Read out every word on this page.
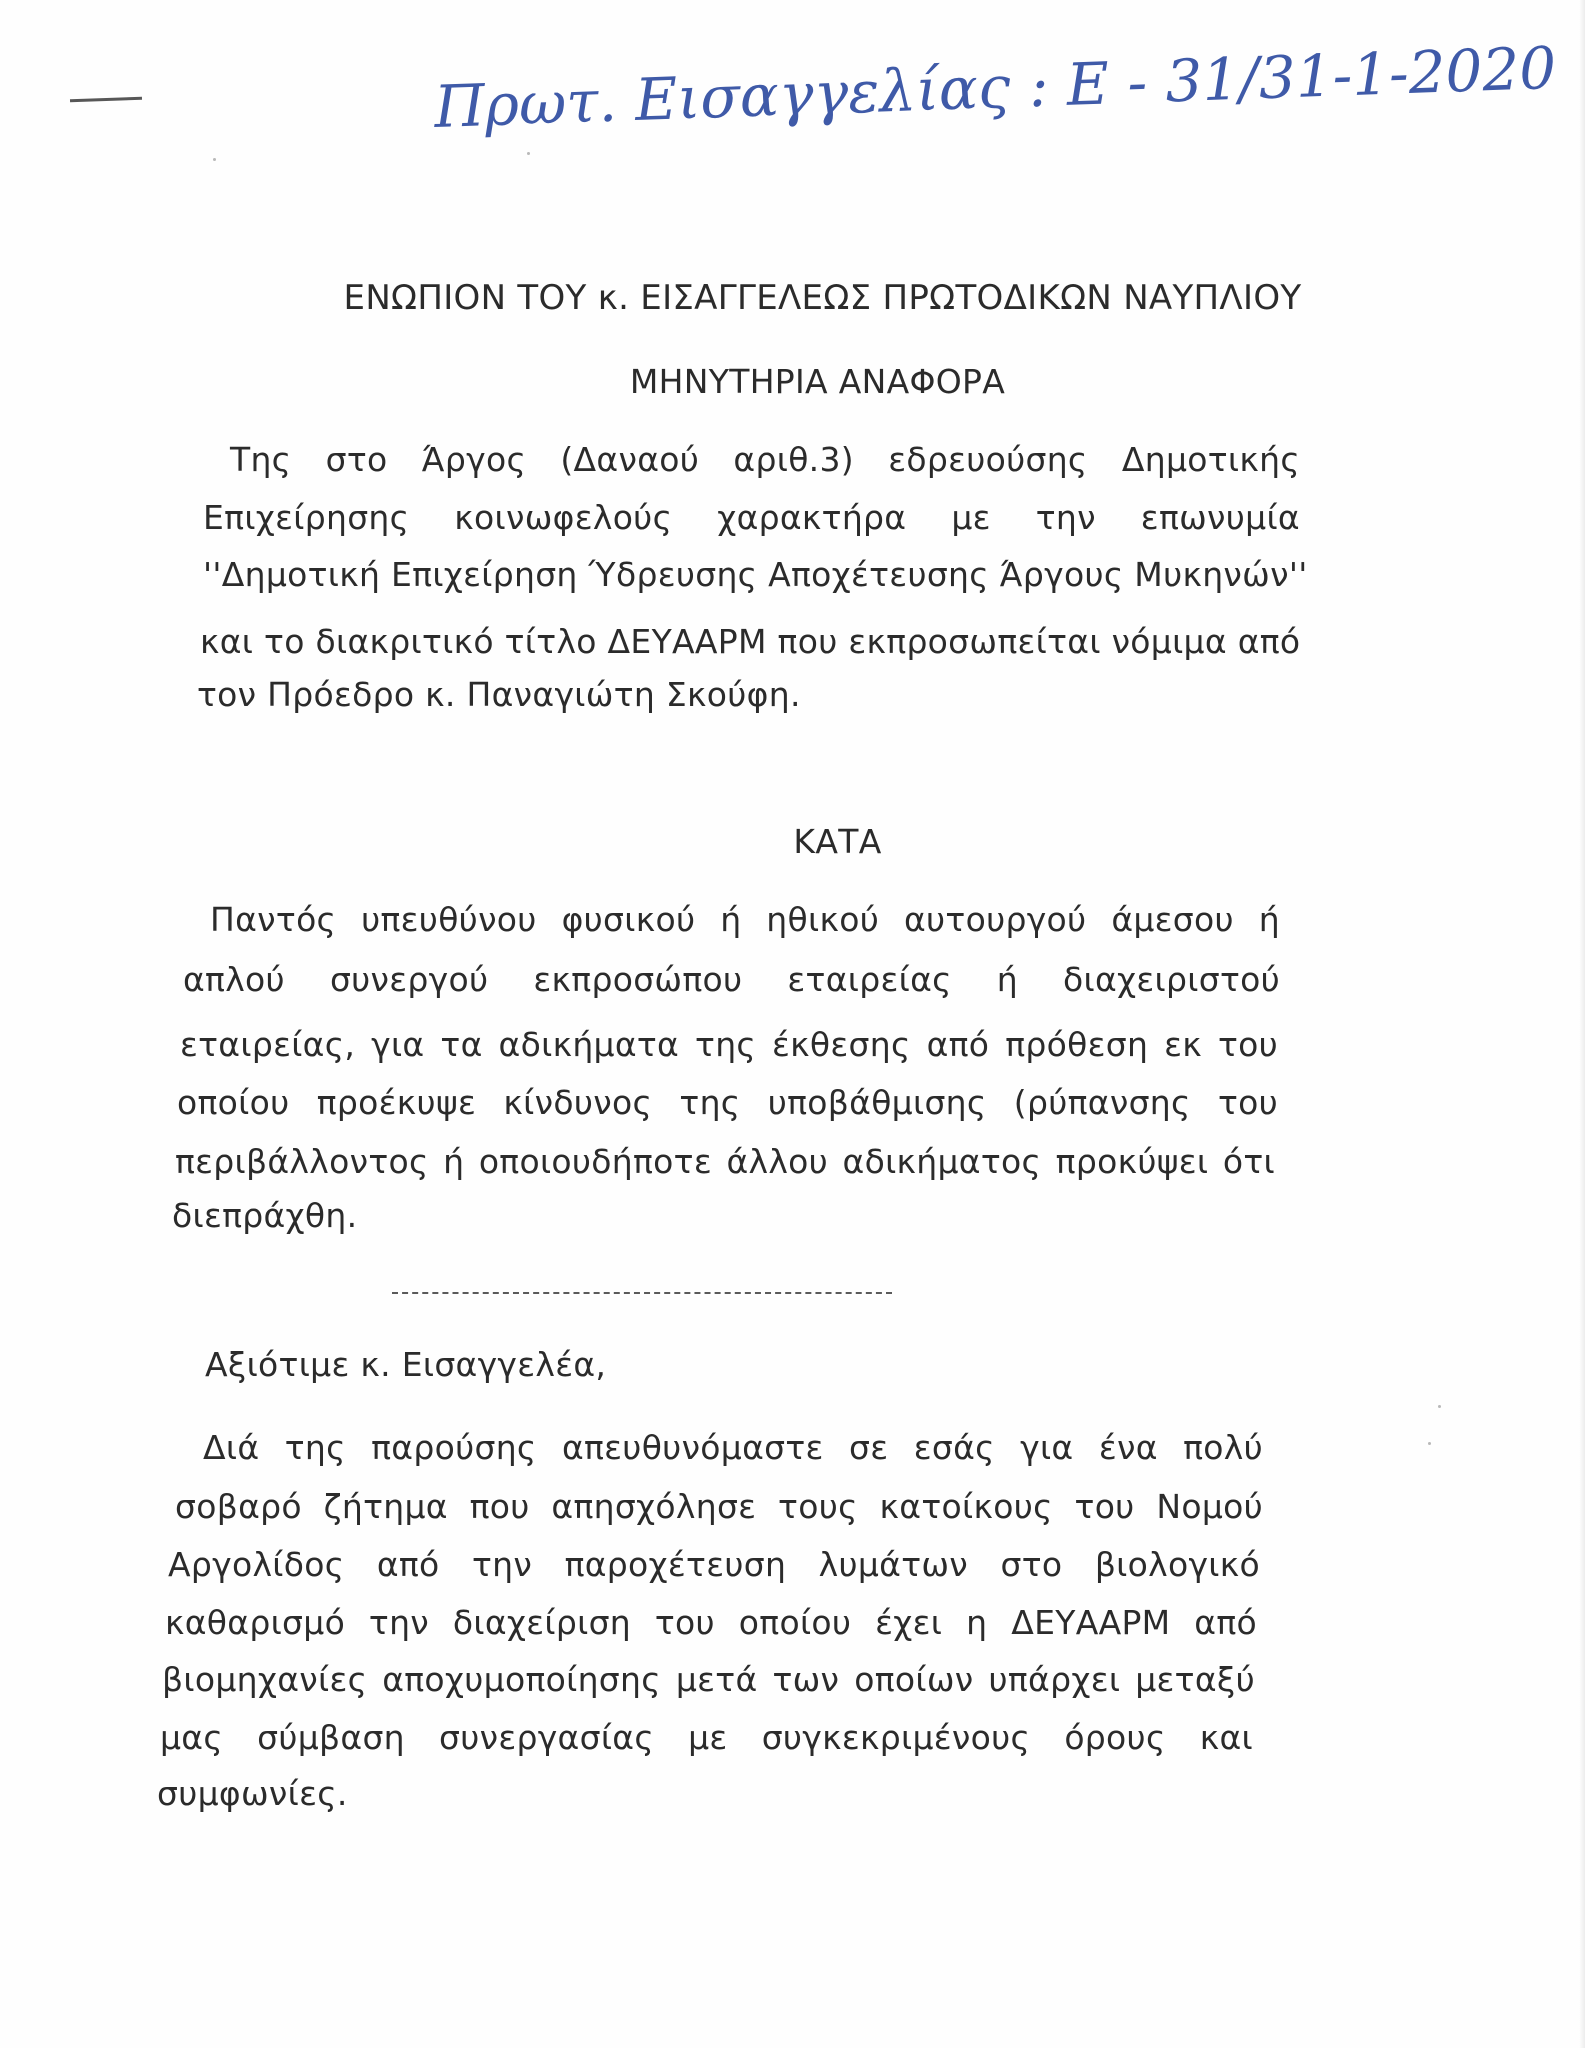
Πρωτ. Εισαγγελίας : Ε - 31/31-1-2020
ΕΝΩΠΙΟΝ ΤΟΥ κ. ΕΙΣΑΓΓΕΛΕΩΣ ΠΡΩΤΟΔΙΚΩΝ ΝΑΥΠΛΙΟΥ
ΜΗΝΥΤΗΡΙΑ ΑΝΑΦΟΡΑ
Της στο Άργος (Δαναού αριθ.3) εδρευούσης Δημοτικής
Επιχείρησης κοινωφελούς χαρακτήρα με την επωνυμία
''Δημοτική Επιχείρηση Ύδρευσης Αποχέτευσης Άργους Μυκηνών''
και το διακριτικό τίτλο ΔΕΥΑΑΡΜ που εκπροσωπείται νόμιμα από
τον Πρόεδρο κ. Παναγιώτη Σκούφη.
ΚΑΤΑ
Παντός υπευθύνου φυσικού ή ηθικού αυτουργού άμεσου ή
απλού συνεργού εκπροσώπου εταιρείας ή διαχειριστού
εταιρείας, για τα αδικήματα της έκθεσης από πρόθεση εκ του
οποίου προέκυψε κίνδυνος της υποβάθμισης (ρύπανσης του
περιβάλλοντος ή οποιουδήποτε άλλου αδικήματος προκύψει ότι
διεπράχθη.
Αξιότιμε κ. Εισαγγελέα,
Διά της παρούσης απευθυνόμαστε σε εσάς για ένα πολύ
σοβαρό ζήτημα που απησχόλησε τους κατοίκους του Νομού
Αργολίδος από την παροχέτευση λυμάτων στο βιολογικό
καθαρισμό την διαχείριση του οποίου έχει η ΔΕΥΑΑΡΜ από
βιομηχανίες αποχυμοποίησης μετά των οποίων υπάρχει μεταξύ
μας σύμβαση συνεργασίας με συγκεκριμένους όρους και
συμφωνίες.
